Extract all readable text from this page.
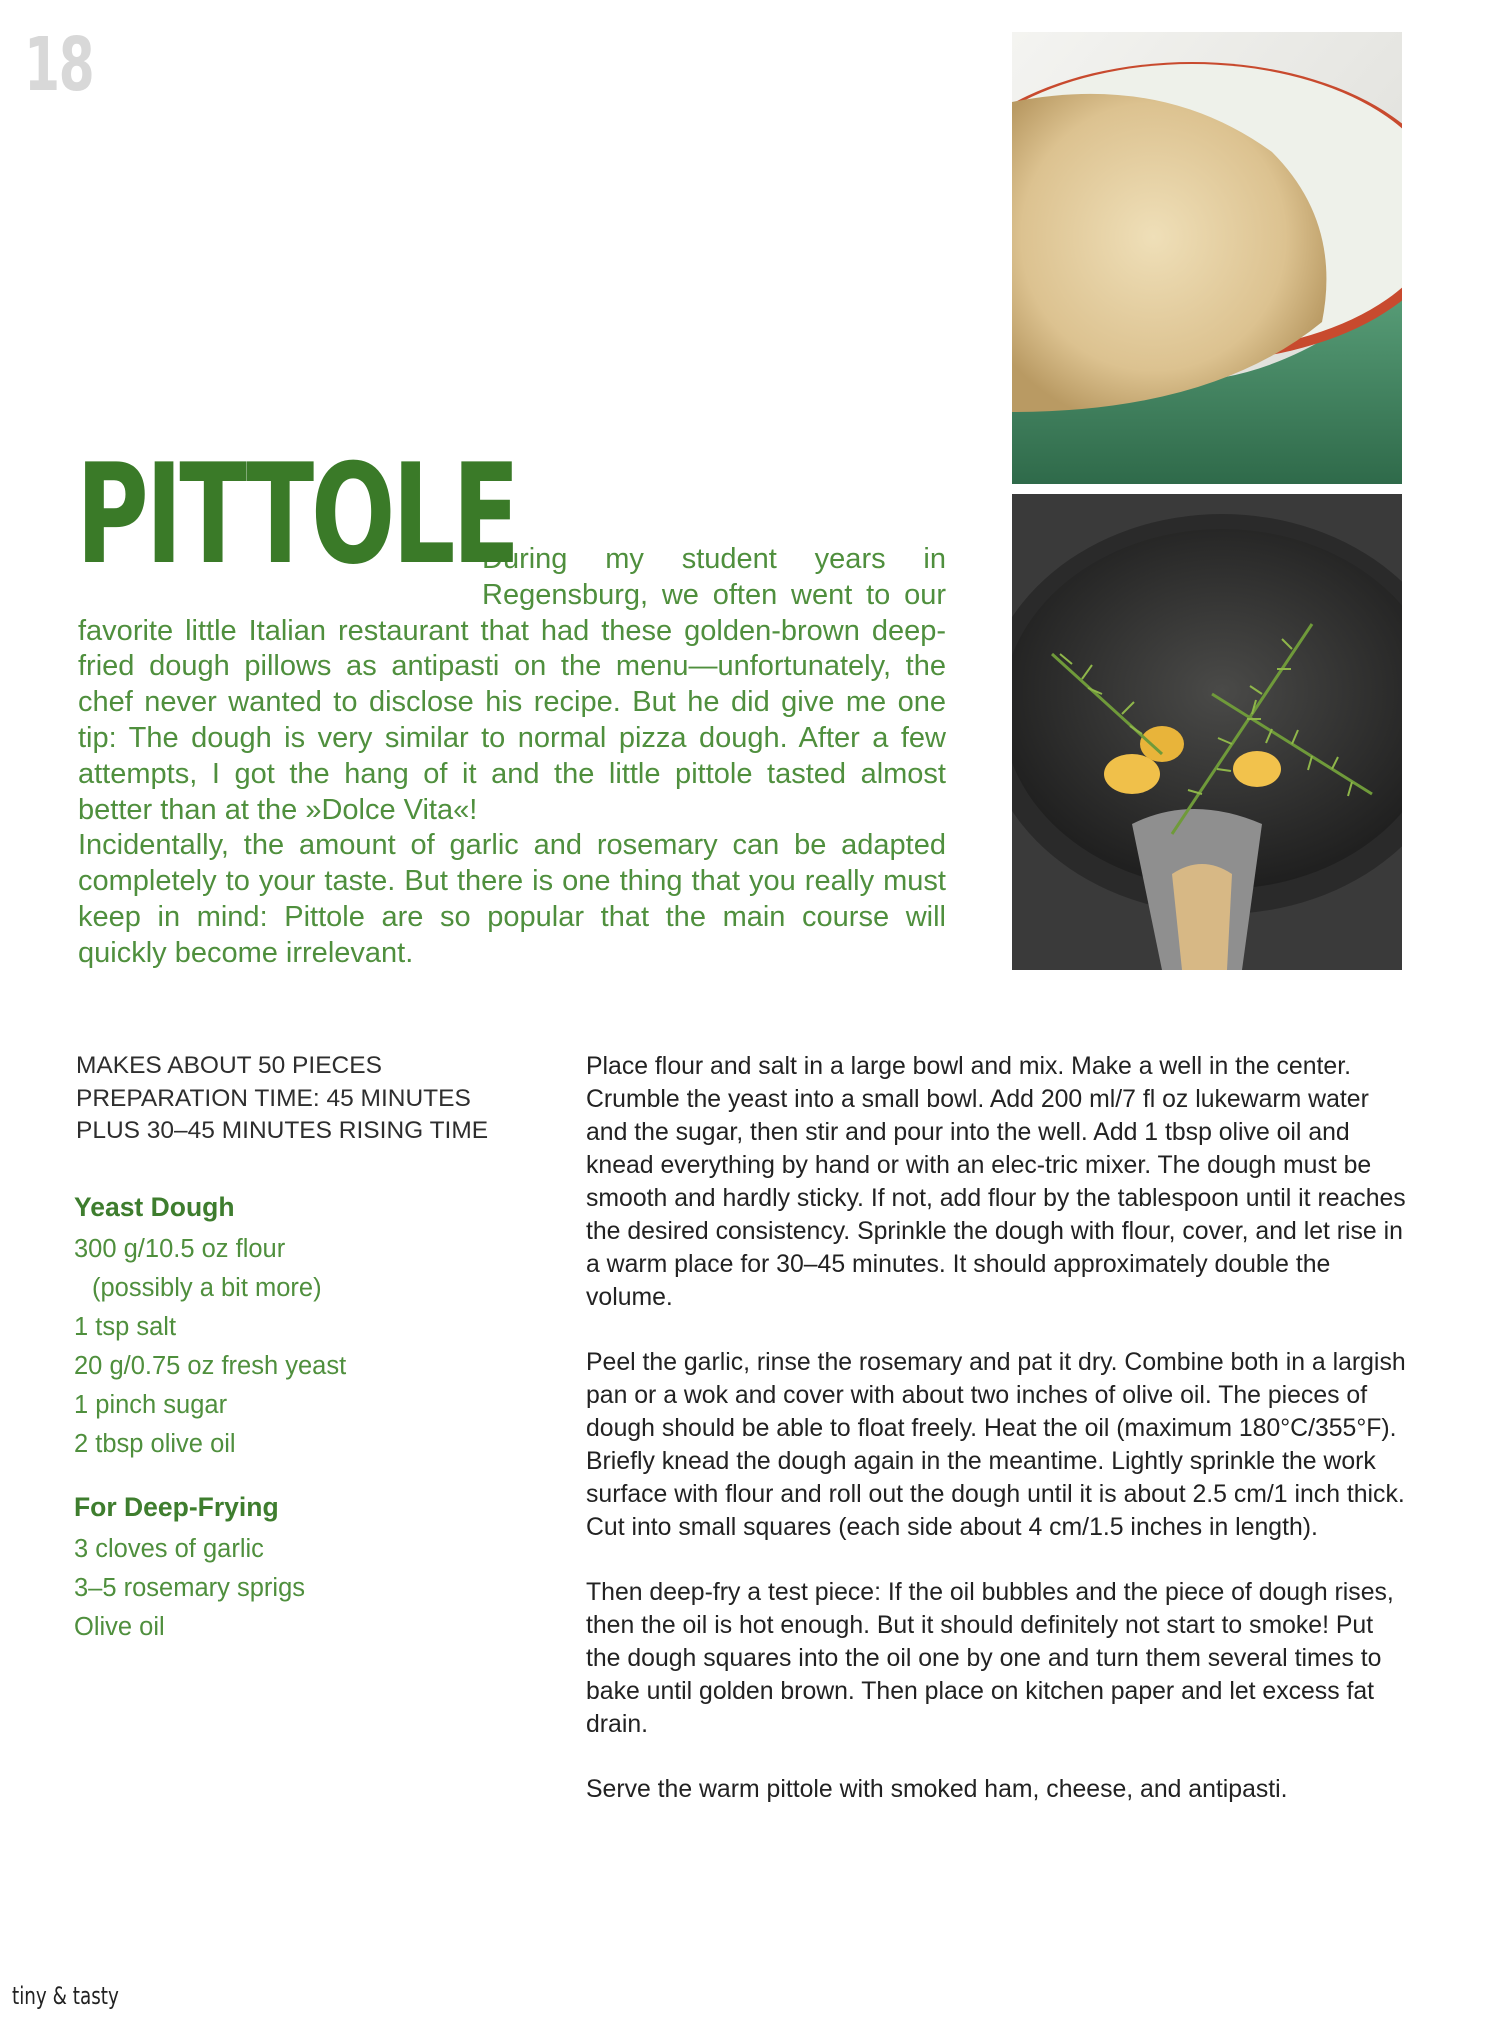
18
PITTOLE

During my student years in Regensburg, we often went to our favorite little Italian restaurant that had these golden-brown deep-fried dough pillows as antipasti on the menu—unfortunately, the chef never wanted to disclose his recipe. But he did give me one tip: The dough is very similar to normal pizza dough. After a few attempts, I got the hang of it and the little pittole tasted almost better than at the »Dolce Vita«!

Incidentally, the amount of garlic and rosemary can be adapted completely to your taste. But there is one thing that you really must keep in mind: Pittole are so popular that the main course will quickly become irrelevant.

MAKES ABOUT 50 PIECES
PREPARATION TIME: 45 MINUTES
PLUS 30–45 MINUTES RISING TIME
Yeast Dough
300 g/10.5 oz flour
(possibly a bit more)
1 tsp salt
20 g/0.75 oz fresh yeast
1 pinch sugar
2 tbsp olive oil
For Deep-Frying
3 cloves of garlic
3–5 rosemary sprigs
Olive oil

Place flour and salt in a large bowl and mix. Make a well in the center. Crumble the yeast into a small bowl. Add 200 ml/7 fl oz lukewarm water and the sugar, then stir and pour into the well. Add 1 tbsp olive oil and knead everything by hand or with an elec-tric mixer. The dough must be smooth and hardly sticky. If not, add flour by the tablespoon until it reaches the desired consistency. Sprinkle the dough with flour, cover, and let rise in a warm place for 30–45 minutes. It should approximately double the volume.

Peel the garlic, rinse the rosemary and pat it dry. Combine both in a largish pan or a wok and cover with about two inches of olive oil. The pieces of dough should be able to float freely. Heat the oil (maximum 180°C/355°F). Briefly knead the dough again in the meantime. Lightly sprinkle the work surface with flour and roll out the dough until it is about 2.5 cm/1 inch thick. Cut into small squares (each side about 4 cm/1.5 inches in length).

Then deep-fry a test piece: If the oil bubbles and the piece of dough rises, then the oil is hot enough. But it should definitely not start to smoke! Put the dough squares into the oil one by one and turn them several times to bake until golden brown. Then place on kitchen paper and let excess fat drain.

Serve the warm pittole with smoked ham, cheese, and antipasti.

tiny & tasty
